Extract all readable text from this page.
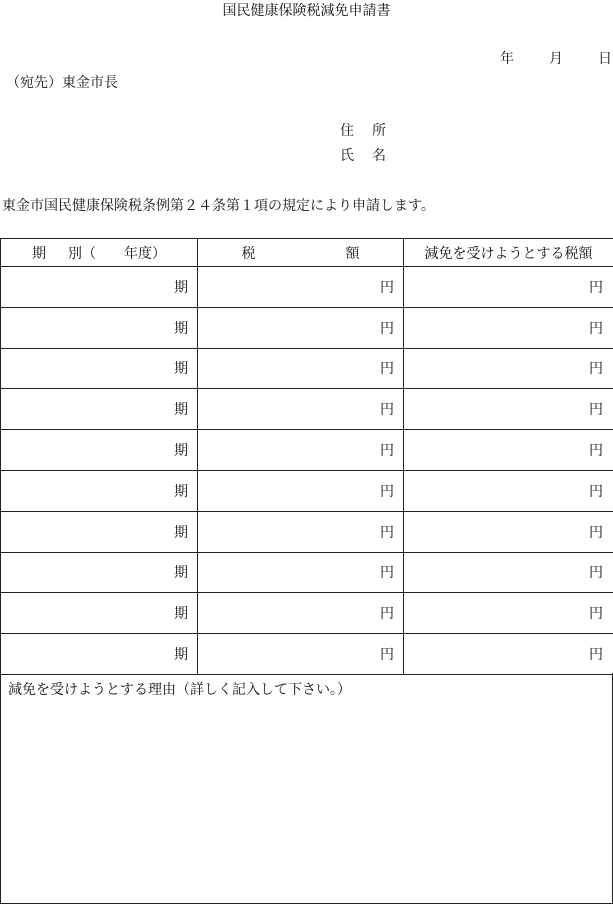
国民健康保険税減免申請書
年	月	日
（宛先）東金市長
住 所
氏 名
東金市国民健康保険税条例第２４条第１項の規定により申請します。
期 別（ 年度）	税 額	減免を受けようとする税額
期	円	円
期	円	円
期	円	円
期	円	円
期	円	円
期	円	円
期	円	円
期	円	円
期	円	円
期	円	円
減免を受けようとする理由（詳しく記入して下さい。）
